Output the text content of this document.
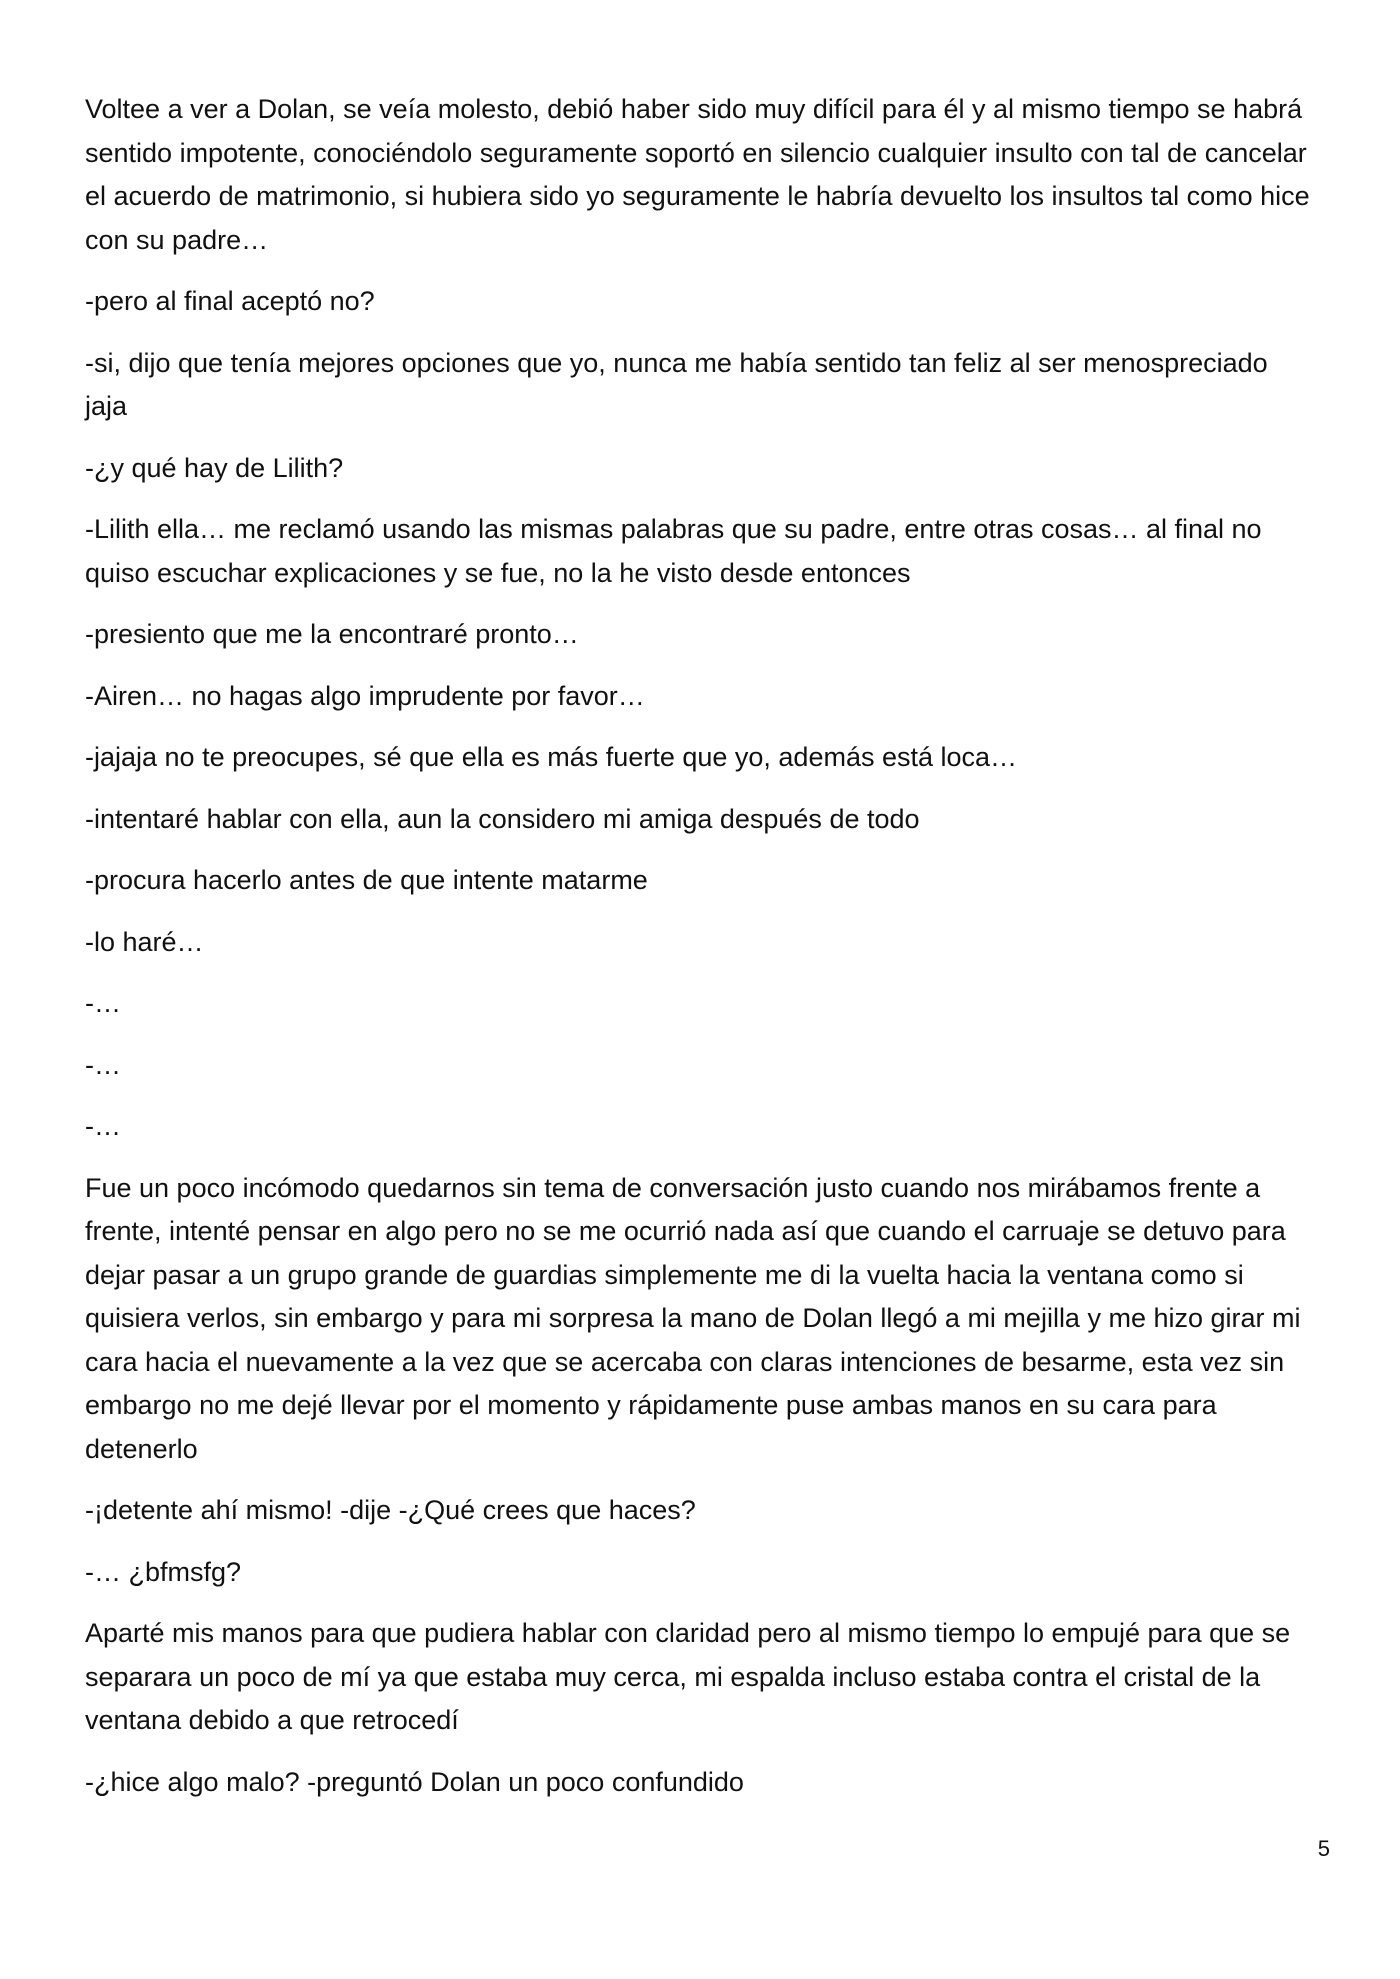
Voltee a ver a Dolan, se veía molesto, debió haber sido muy difícil para él y al mismo tiempo se habrá sentido impotente, conociéndolo seguramente soportó en silencio cualquier insulto con tal de cancelar el acuerdo de matrimonio, si hubiera sido yo seguramente le habría devuelto los insultos tal como hice con su padre…

-pero al final aceptó no?

-si, dijo que tenía mejores opciones que yo, nunca me había sentido tan feliz al ser menospreciado jaja

-¿y qué hay de Lilith?

-Lilith ella… me reclamó usando las mismas palabras que su padre, entre otras cosas… al final no quiso escuchar explicaciones y se fue, no la he visto desde entonces

-presiento que me la encontraré pronto…

-Airen… no hagas algo imprudente por favor…

-jajaja no te preocupes, sé que ella es más fuerte que yo, además está loca…

-intentaré hablar con ella, aun la considero mi amiga después de todo

-procura hacerlo antes de que intente matarme

-lo haré…

-…

-…

-…

Fue un poco incómodo quedarnos sin tema de conversación justo cuando nos mirábamos frente a frente, intenté pensar en algo pero no se me ocurrió nada así que cuando el carruaje se detuvo para dejar pasar a un grupo grande de guardias simplemente me di la vuelta hacia la ventana como si quisiera verlos, sin embargo y para mi sorpresa la mano de Dolan llegó a mi mejilla y me hizo girar mi cara hacia el nuevamente a la vez que se acercaba con claras intenciones de besarme, esta vez sin embargo no me dejé llevar por el momento y rápidamente puse ambas manos en su cara para detenerlo

-¡detente ahí mismo! -dije -¿Qué crees que haces?

-… ¿bfmsfg?

Aparté mis manos para que pudiera hablar con claridad pero al mismo tiempo lo empujé para que se separara un poco de mí ya que estaba muy cerca, mi espalda incluso estaba contra el cristal de la ventana debido a que retrocedí

-¿hice algo malo? -preguntó Dolan un poco confundido

5
